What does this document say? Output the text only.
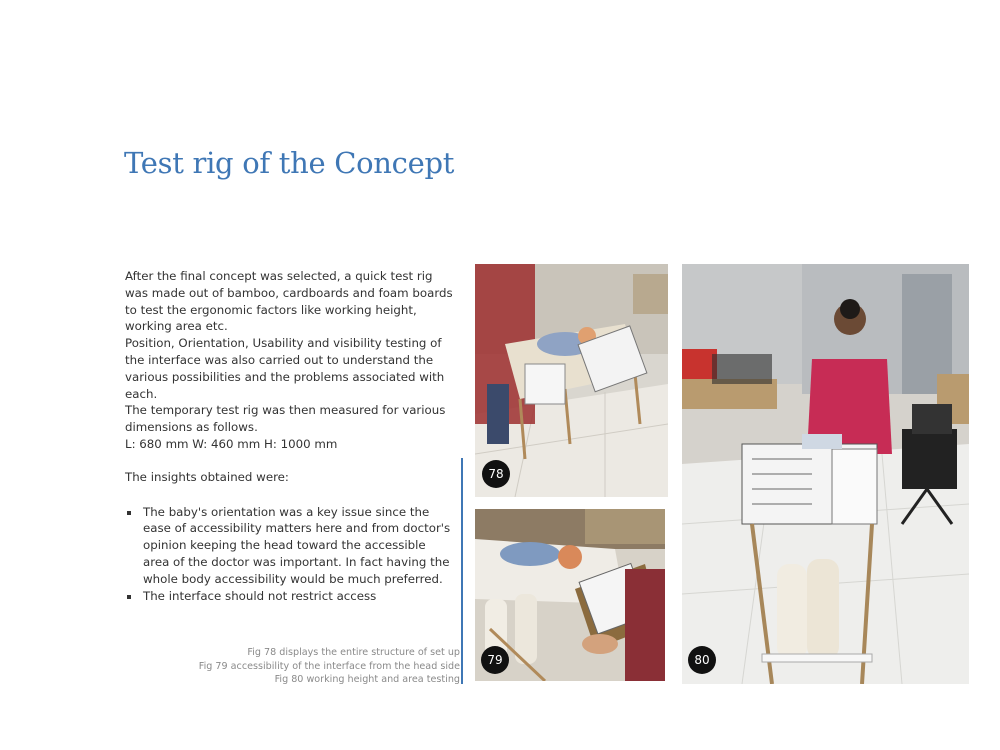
Test rig of the Concept

After the final concept was selected, a quick test rig was made out of bamboo, cardboards and foam boards to test the ergonomic factors like working height, working area etc.

Position, Orientation, Usability and visibility testing of the interface was also carried out to understand the various possibilities and the problems associated with each.

The temporary test rig was then measured for various dimensions as follows.

L: 680 mm W: 460 mm H: 1000 mm

The insights obtained were:

The baby's orientation was a key issue since the ease of accessibility matters here and from doctor's opinion keeping the head toward the accessible area of the doctor was important. In fact having the whole body accessibility would be much preferred.
The interface should not restrict access
Fig 78 displays the entire structure of set up
Fig 79 accessibility of the interface from the head side
Fig 80 working height and area testing
78
79	80
